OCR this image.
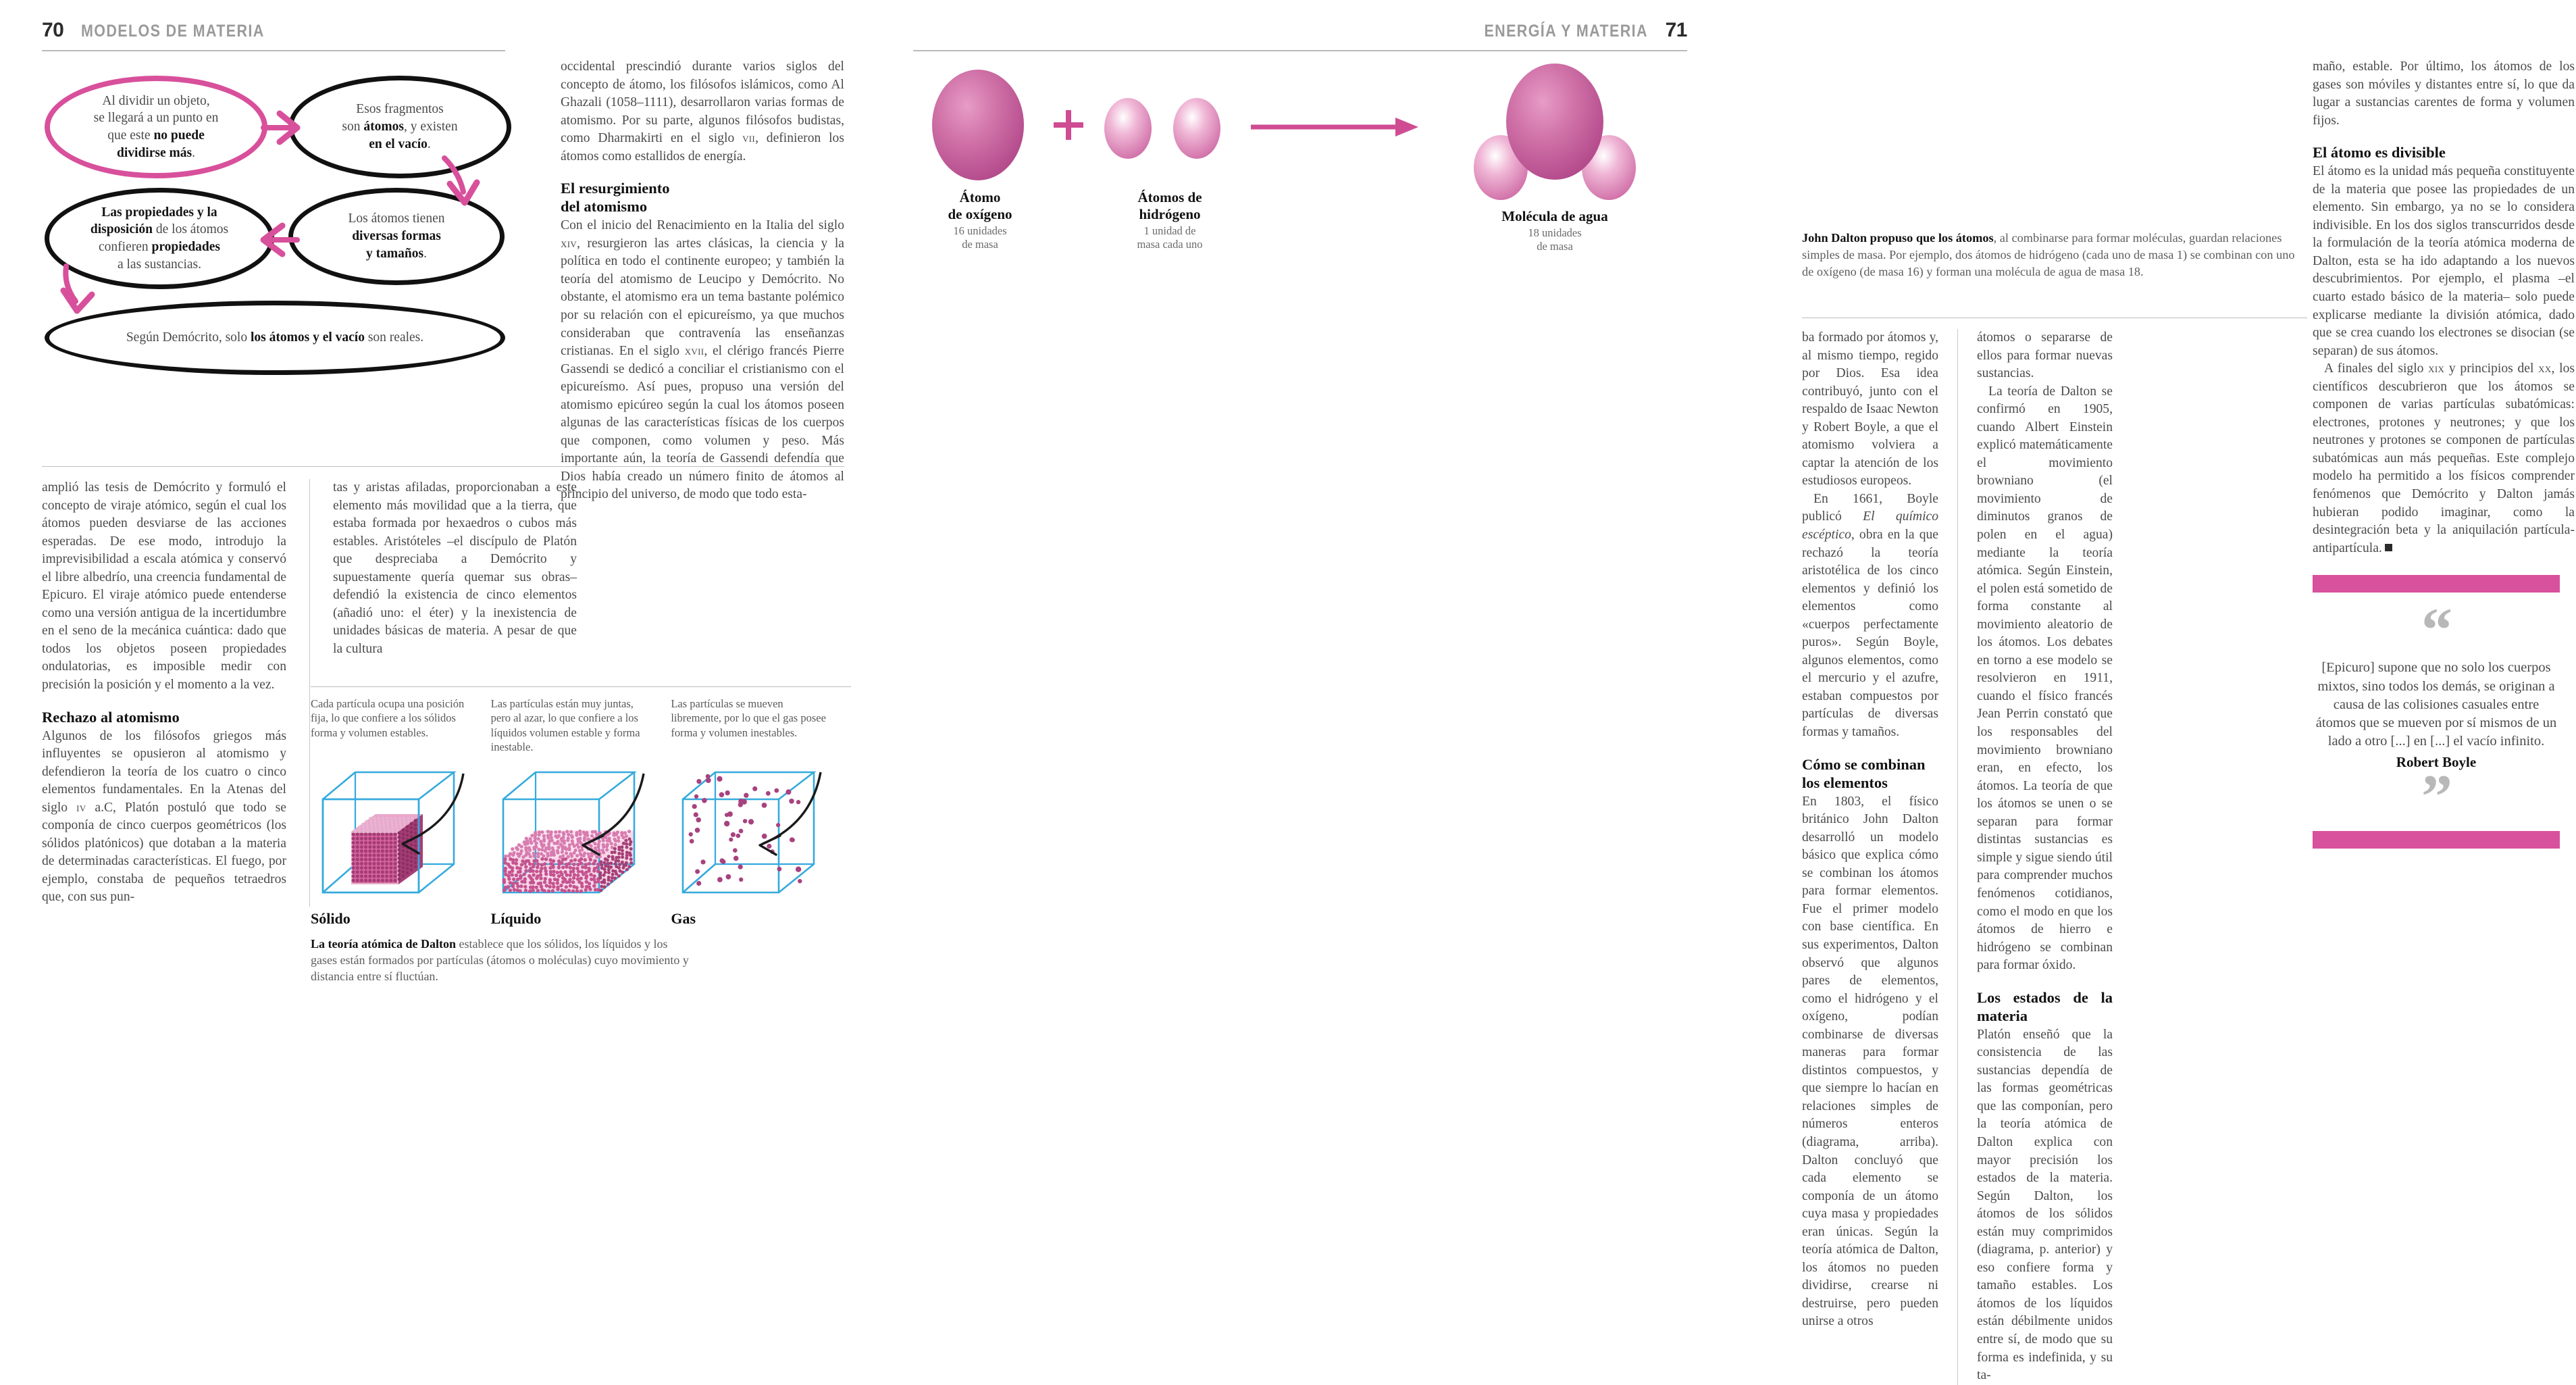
70 MODELOS DE MATERIA
Al dividir un objeto,
se llegará a un punto en
que este no puede
dividirse más.
Esos fragmentos
son átomos, y existen
en el vacío.
Las propiedades y la
disposición de los átomos
confieren propiedades
a las sustancias.
Los átomos tienen
diversas formas
y tamaños.
Según Demócrito, solo los átomos y el vacío son reales.

occidental prescindió durante varios siglos del concepto de átomo, los filósofos islámicos, como Al Ghazali (1058–1111), desarrollaron varias formas de atomismo. Por su parte, algunos filósofos budistas, como Dharmakirti en el siglo vii, definieron los átomos como estallidos de energía.

El resurgimiento
del atomismo

Con el inicio del Renacimiento en la Italia del siglo xiv, resurgieron las artes clásicas, la ciencia y la política en todo el continente europeo; y también la teoría del atomismo de Leucipo y Demócrito. No obstante, el atomismo era un tema bastante polémico por su relación con el epicureísmo, ya que muchos consideraban que contravenía las enseñanzas cristianas. En el siglo xvii, el clérigo francés Pierre Gassendi se dedicó a conciliar el cristianismo con el epicureísmo. Así pues, propuso una versión del atomismo epicúreo según la cual los átomos poseen algunas de las características físicas de los cuerpos que componen, como volumen y peso. Más importante aún, la teoría de Gassendi defendía que Dios había creado un número finito de átomos al principio del universo, de modo que todo esta-

amplió las tesis de Demócrito y formuló el concepto de viraje atómico, según el cual los átomos pueden desviarse de las acciones esperadas. De ese modo, introdujo la imprevisibilidad a escala atómica y conservó el libre albedrío, una creencia fundamental de Epicuro. El viraje atómico puede entenderse como una versión antigua de la incertidumbre en el seno de la mecánica cuántica: dado que todos los objetos poseen propiedades ondulatorias, es imposible medir con precisión la posición y el momento a la vez.

Rechazo al atomismo

Algunos de los filósofos griegos más influyentes se opusieron al atomismo y defendieron la teoría de los cuatro o cinco elementos fundamentales. En la Atenas del siglo iv a.C, Platón postuló que todo se componía de cinco cuerpos geométricos (los sólidos platónicos) que dotaban a la materia de determinadas características. El fuego, por ejemplo, constaba de pequeños tetraedros que, con sus pun-

tas y aristas afiladas, proporcionaban a este elemento más movilidad que a la tierra, que estaba formada por hexaedros o cubos más estables. Aristóteles –el discípulo de Platón que despreciaba a Demócrito y supuestamente quería quemar sus obras– defendió la existencia de cinco elementos (añadió uno: el éter) y la inexistencia de unidades básicas de materia. A pesar de que la cultura

Cada partícula ocupa una posición fija, lo que confiere a los sólidos forma y volumen estables.
Sólido
Las partículas están muy juntas, pero al azar, lo que confiere a los líquidos volumen estable y forma inestable.
Líquido
Las partículas se mueven libremente, por lo que el gas posee forma y volumen inestables.
Gas
La teoría atómica de Dalton establece que los sólidos, los líquidos y los gases están formados por partículas (átomos o moléculas) cuyo movimiento y distancia entre sí fluctúan.
ENERGÍA Y MATERIA 71
Átomo
de oxígeno
16 unidades
de masa
Átomos de
hidrógeno
1 unidad de
masa cada uno
Molécula de agua
18 unidades
de masa
John Dalton propuso que los átomos, al combinarse para formar moléculas, guardan relaciones simples de masa. Por ejemplo, dos átomos de hidrógeno (cada uno de masa 1) se combinan con uno de oxígeno (de masa 16) y forman una molécula de agua de masa 18.

ba formado por átomos y, al mismo tiempo, regido por Dios. Esa idea contribuyó, junto con el respaldo de Isaac Newton y Robert Boyle, a que el atomismo volviera a captar la atención de los estudiosos europeos.

En 1661, Boyle publicó El químico escéptico, obra en la que rechazó la teoría aristotélica de los cinco elementos y definió los elementos como «cuerpos perfectamente puros». Según Boyle, algunos elementos, como el mercurio y el azufre, estaban compuestos por partículas de diversas formas y tamaños.

Cómo se combinan
los elementos

En 1803, el físico británico John Dalton desarrolló un modelo básico que explica cómo se combinan los átomos para formar elementos. Fue el primer modelo con base científica. En sus experimentos, Dalton observó que algunos pares de elementos, como el hidrógeno y el oxígeno, podían combinarse de diversas maneras para formar distintos compuestos, y que siempre lo hacían en relaciones simples de números enteros (diagrama, arriba). Dalton concluyó que cada elemento se componía de un átomo cuya masa y propiedades eran únicas. Según la teoría atómica de Dalton, los átomos no pueden dividirse, crearse ni destruirse, pero pueden unirse a otros

átomos o separarse de ellos para formar nuevas sustancias.

La teoría de Dalton se confirmó en 1905, cuando Albert Einstein explicó matemáticamente el movimiento browniano (el movimiento de diminutos granos de polen en el agua) mediante la teoría atómica. Según Einstein, el polen está sometido de forma constante al movimiento aleatorio de los átomos. Los debates en torno a ese modelo se resolvieron en 1911, cuando el físico francés Jean Perrin constató que los responsables del movimiento browniano eran, en efecto, los átomos. La teoría de que los átomos se unen o se separan para formar distintas sustancias es simple y sigue siendo útil para comprender muchos fenómenos cotidianos, como el modo en que los átomos de hierro e hidrógeno se combinan para formar óxido.

Los estados de la materia

Platón enseñó que la consistencia de las sustancias dependía de las formas geométricas que las componían, pero la teoría atómica de Dalton explica con mayor precisión los estados de la materia. Según Dalton, los átomos de los sólidos están muy comprimidos (diagrama, p. anterior) y eso confiere forma y tamaño estables. Los átomos de los líquidos están débilmente unidos entre sí, de modo que su forma es indefinida, y su ta-

maño, estable. Por último, los átomos de los gases son móviles y distantes entre sí, lo que da lugar a sustancias carentes de forma y volumen fijos.

El átomo es divisible

El átomo es la unidad más pequeña constituyente de la materia que posee las propiedades de un elemento. Sin embargo, ya no se lo considera indivisible. En los dos siglos transcurridos desde la formulación de la teoría atómica moderna de Dalton, esta se ha ido adaptando a los nuevos descubrimientos. Por ejemplo, el plasma –el cuarto estado básico de la materia– solo puede explicarse mediante la división atómica, dado que se crea cuando los electrones se disocian (se separan) de sus átomos.

A finales del siglo xix y principios del xx, los científicos descubrieron que los átomos se componen de varias partículas subatómicas: electrones, protones y neutrones; y que los neutrones y protones se componen de partículas subatómicas aun más pequeñas. Este complejo modelo ha permitido a los físicos comprender fenómenos que Demócrito y Dalton jamás hubieran podido imaginar, como la desintegración beta y la aniquilación partícula-antipartícula.

“
[Epicuro] supone que no solo los cuerpos mixtos, sino todos los demás, se originan a causa de las colisiones casuales entre átomos que se mueven por sí mismos de un lado a otro [...] en [...] el vacío infinito.
Robert Boyle
”
